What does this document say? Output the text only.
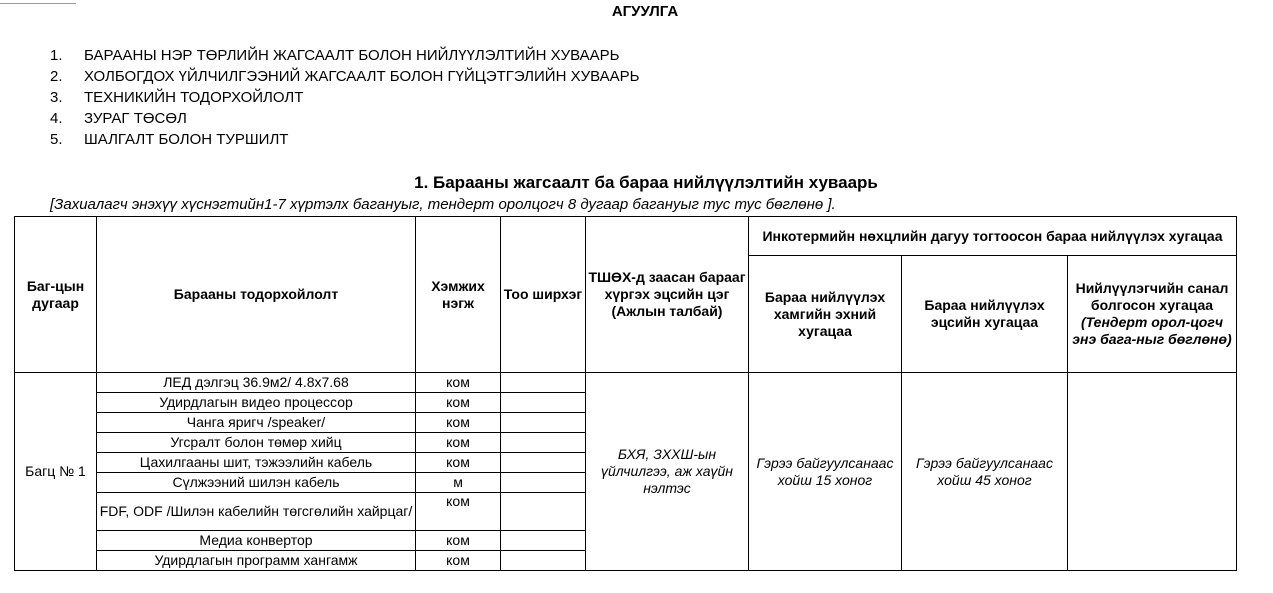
АГУУЛГА
1. БАРААНЫ НЭР ТӨРЛИЙН ЖАГСААЛТ БОЛОН НИЙЛҮҮЛЭЛТИЙН ХУВААРЬ
2. ХОЛБОГДОХ ҮЙЛЧИЛГЭЭНИЙ ЖАГСААЛТ БОЛОН ГҮЙЦЭТГЭЛИЙН ХУВААРЬ
3. ТЕХНИКИЙН ТОДОРХОЙЛОЛТ
4. ЗУРАГ ТӨСӨЛ
5. ШАЛГАЛТ БОЛОН ТУРШИЛТ
1. Барааны жагсаалт ба бараа нийлүүлэлтийн хуваарь
[Захиалагч энэхүү хүснэгтийн1-7 хүртэлх багануыг, тендерт оролцогч 8 дугаар багануыг тус тус бөглөнө ].
Баг-цын дугаар	Барааны тодорхойлолт	Хэмжих нэгж	Тоо ширхэг	ТШӨХ-д заасан бараaг хүргэх эцсийн цэг (Ажлын талбай)	Инкотермийн нөхцлийн дагуу тогтоосон бараа нийлүүлэх хугацаа		
					Бараа нийлүүлэх хамгийн эхний хугацаа	Бараа нийлүүлэх эцсийн хугацаа	Нийлүүлэгчийн санал болгосон хугацаа
(Тендерт орол-цогч энэ бага-ныг бөглөнө)

Багц № 1	ЛЕД дэлгэц 36.9м2/ 4.8x7.68	ком		БХЯ, ЗХХШ-ын үйлчилгээ, аж хаүйн нэлтэс	Гэрээ байгуулсанаас хойш 15 хоног	Гэрээ байгуулсанаас хойш 45 хоног	
	Удирдлагын видео процессор	ком					
	Чанга яригч /speaker/	ком					
	Угсралт болон төмөр хийц	ком					
	Цахилгааны шит, тэжээлийн кабель	ком					
	Сүлжээний шилэн кабель	м					
	FDF, ODF /Шилэн кабелийн төгсгөлийн хайрцаг/	ком					
	Медиа конвертор	ком					
	Удирдлагын программ хангамж	ком					
